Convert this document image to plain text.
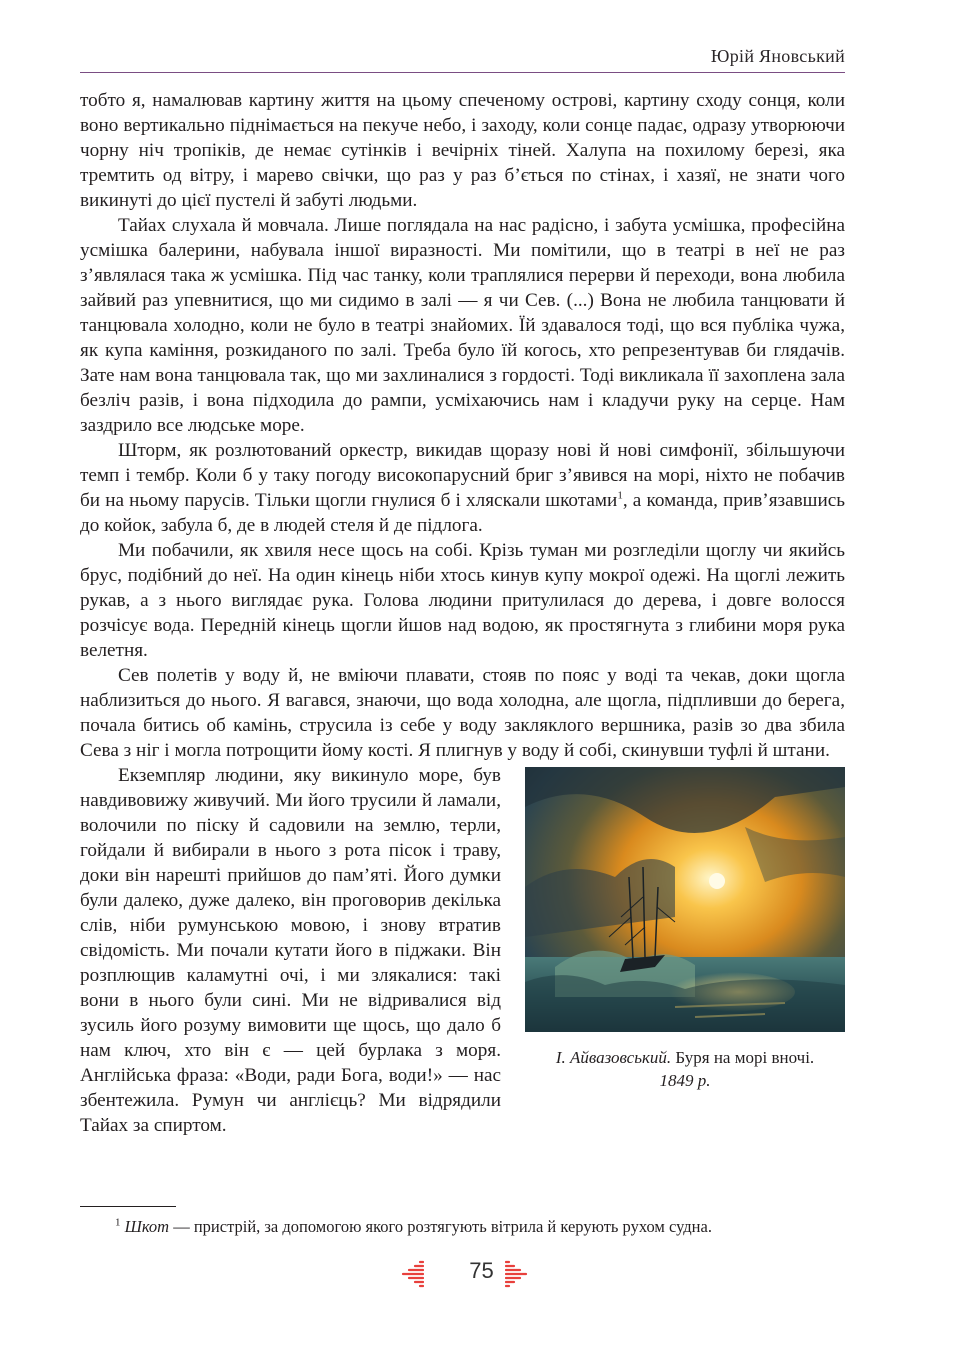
Юрій Яновський

тобто я, намалював картину життя на цьому спеченому острові, картину сходу сонця, коли воно вертикально піднімається на пекуче небо, і заходу, коли сонце падає, одразу утворюючи чорну ніч тропіків, де немає сутінків і вечірніх тіней. Халупа на похилому березі, яка тремтить од вітру, і марево свічки, що раз у раз б’ється по стінах, і хазяї, не знати чого викинуті до цієї пустелі й забуті людьми.

Тайах слухала й мовчала. Лише поглядала на нас радісно, і забута усмішка, професійна усмішка балерини, набувала іншої виразності. Ми помітили, що в театрі в неї не раз з’являлася така ж усмішка. Під час танку, коли траплялися перерви й переходи, вона любила зайвий раз упевнитися, що ми сидимо в залі — я чи Сев. (...) Вона не любила танцювати й танцювала холодно, коли не було в театрі знайомих. Їй здавалося тоді, що вся публіка чужа, як купа каміння, розкиданого по залі. Треба було їй когось, хто репрезентував би глядачів. Зате нам вона танцювала так, що ми захлиналися з гордості. Тоді викликала її захоплена зала безліч разів, і вона підходила до рампи, усміхаючись нам і кладучи руку на серце. Нам заздрило все людське море.

Шторм, як розлютований оркестр, викидав щоразу нові й нові симфонії, збільшуючи темп і тембр. Коли б у таку погоду високопарусний бриг з’явився на морі, ніхто не побачив би на ньому парусів. Тільки щогли гнулися б і хляскали шкотами$^1$, а команда, прив’язавшись до койок, забула б, де в людей стеля й де підлога.

Ми побачили, як хвиля несе щось на собі. Крізь туман ми розгледіли щоглу чи якийсь брус, подібний до неї. На один кінець ніби хтось кинув купу мокрої одежі. На щоглі лежить рукав, а з нього виглядає рука. Голова людини притулилася до дерева, і довге волосся розчісує вода. Передній кінець щогли йшов над водою, як простягнута з глибини моря рука велетня.

Сев полетів у воду й, не вміючи плавати, стояв по пояс у воді та чекав, доки щогла наблизиться до нього. Я вагався, знаючи, що вода холодна, але щогла, підпливши до берега, почала битись об камінь, струсила із себе у воду закляклого вершника, разів зо два збила Сева з ніг і могла потрощити йому кості. Я плигнув у воду й собі, скинувши туфлі й штани.

І. Айвазовський. Буря на морі вночі.
1849 р.

Екземпляр людини, яку викинуло море, був навдивовижу живучий. Ми його трусили й ламали, волочили по піску й садовили на землю, терли, гойдали й вибирали в нього з рота пісок і траву, доки він нарешті прийшов до пам’яті. Його думки були далеко, дуже далеко, він проговорив декілька слів, ніби румунською мовою, і знову втратив свідомість. Ми почали кутати його в піджаки. Він розплющив каламутні очі, і ми злякалися: такі вони в нього були сині. Ми не відривалися від зусиль його розуму вимовити ще щось, що дало б нам ключ, хто він є — цей бурлака з моря. Англійська фраза: «Води, ради Бога, води!» — нас збентежила. Румун чи англієць? Ми відрядили Тайах за спиртом.

$^1$ Шкот — пристрій, за допомогою якого розтягують вітрила й керують рухом судна.
75
